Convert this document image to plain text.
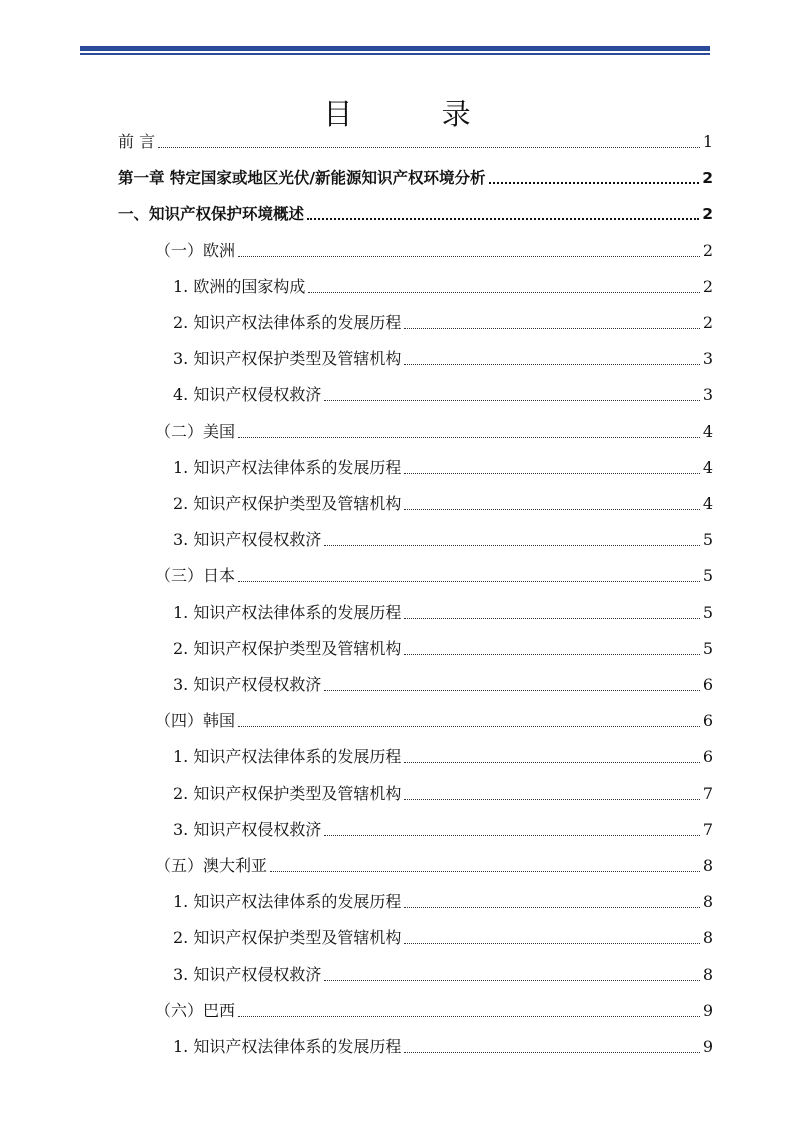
目 录
前 言	1
第一章 特定国家或地区光伏/新能源知识产权环境分析	2
一、知识产权保护环境概述	2
（一）欧洲	2
1. 欧洲的国家构成	2
2. 知识产权法律体系的发展历程	2
3. 知识产权保护类型及管辖机构	3
4. 知识产权侵权救济	3
（二）美国	4
1. 知识产权法律体系的发展历程	4
2. 知识产权保护类型及管辖机构	4
3. 知识产权侵权救济	5
（三）日本	5
1. 知识产权法律体系的发展历程	5
2. 知识产权保护类型及管辖机构	5
3. 知识产权侵权救济	6
（四）韩国	6
1. 知识产权法律体系的发展历程	6
2. 知识产权保护类型及管辖机构	7
3. 知识产权侵权救济	7
（五）澳大利亚	8
1. 知识产权法律体系的发展历程	8
2. 知识产权保护类型及管辖机构	8
3. 知识产权侵权救济	8
（六）巴西	9
1. 知识产权法律体系的发展历程	9
